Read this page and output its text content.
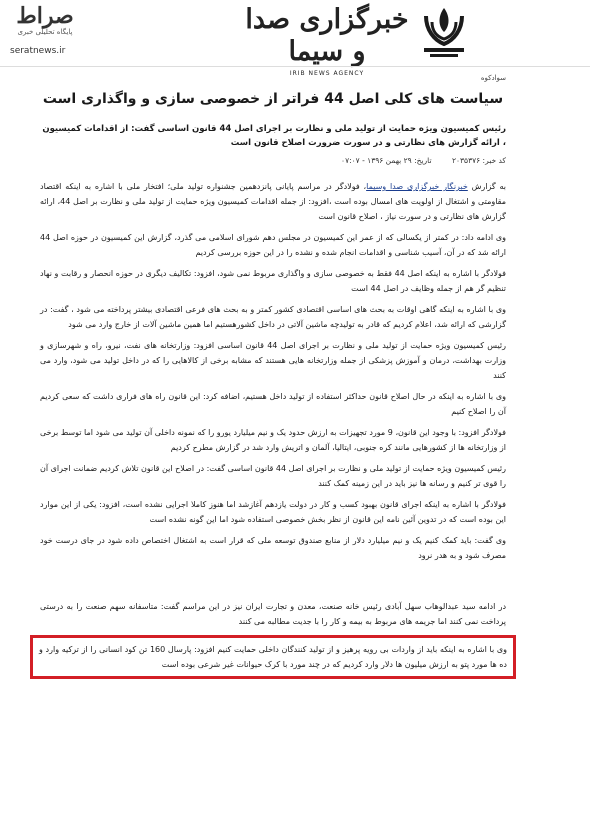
صراط
پایگاه تحلیلی خبری
seratnews.ir
خبرگزاری صدا و سیما
IRIB NEWS AGENCY
سوادکوه
سیاست های کلی اصل 44 فراتر از خصوصی سازی و واگذاری است

رئیس کمیسیون ویژه حمایت از تولید ملی و نظارت بر اجرای اصل 44 قانون اساسی گفت: از اقدامات کمیسیون ، ارائه گزارش های نظارتی و در سورت ضرورت اصلاح قانون است

کد خبر: ۲۰۳۵۳۷۶ تاریخ: ۲۹ بهمن ۱۳۹۶ - ۰۷:۰۷

به گزارش خبرنگار خبرگزاری صدا وسیما، فولادگر در مراسم پایانی پانزدهمین جشنواره تولید ملی؛ افتخار ملی با اشاره به اینکه اقتصاد مقاومتی و اشتغال از اولویت های امسال بوده است ،افزود: از جمله اقدامات کمیسیون ویژه حمایت از تولید ملی و نظارت بر اصل 44، ارائه گزارش های نظارتی و در سورت نیاز ، اصلاح قانون است

وی ادامه داد: در کمتر از یکسالی که از عمر این کمیسیون در مجلس دهم شورای اسلامی می گذرد، گزارش این کمیسیون در حوزه اصل 44 ارائه شد که در آن، آسیب شناسی و اقدامات انجام شده و نشده را در این حوزه بررسی کردیم

فولادگر با اشاره به اینکه اصل 44 فقط به خصوصی سازی و واگذاری مربوط نمی شود، افزود: تکالیف دیگری در حوزه انحصار و رقابت و نهاد تنظیم گر هم از جمله وظایف در اصل 44 است

وی با اشاره به اینکه گاهی اوقات به بحث های اساسی اقتصادی کشور کمتر و به بحث های فرعی اقتصادی بیشتر پرداخته می شود ، گفت: در گزارشی که ارائه شد، اعلام کردیم که قادر به تولیدچه ماشین آلاتی در داخل کشورهستیم اما همین ماشین آلات از خارج وارد می شود

رئیس کمیسیون ویژه حمایت از تولید ملی و نظارت بر اجرای اصل 44 قانون اساسی افزود: وزارتخانه های نفت، نیرو، راه و شهرسازی و وزارت بهداشت، درمان و آموزش پزشکی از جمله وزارتخانه هایی هستند که مشابه برخی از کالاهایی را که در داخل تولید می شود، وارد می کنند

وی با اشاره به اینکه در حال اصلاح قانون حداکثر استفاده از تولید داخل هستیم، اضافه کرد: این قانون راه های فراری داشت که سعی کردیم آن را اصلاح کنیم

فولادگر افزود: با وجود این قانون، 9 مورد تجهیزات به ارزش حدود یک و نیم میلیارد یورو را که نمونه داخلی آن تولید می شود اما توسط برخی از وزارتخانه ها از کشورهایی مانند کره جنوبی، ایتالیا، آلمان و اتریش وارد شد در گزارش مطرح کردیم

رئیس کمیسیون ویژه حمایت از تولید ملی و نظارت بر اجرای اصل 44 قانون اساسی گفت: در اصلاح این قانون تلاش کردیم ضمانت اجرای آن را قوی تر کنیم و رسانه ها نیز باید در این زمینه کمک کنند

فولادگر با اشاره به اینکه اجرای قانون بهبود کسب و کار در دولت یازدهم آغازشد اما هنوز کاملا اجرایی نشده است، افزود: یکی از این موارد این بوده است که در تدوین آئین نامه این قانون از نظر بخش خصوصی استفاده شود اما این گونه نشده است

وی گفت: باید کمک کنیم یک و نیم میلیارد دلار از منابع صندوق توسعه ملی که قرار است به اشتغال اختصاص داده شود در جای درست خود مصرف شود و به هدر نرود

در ادامه سید عبدالوهاب سهل آبادی رئیس خانه صنعت، معدن و تجارت ایران نیز در این مراسم گفت: متاسفانه سهم صنعت را به درستی پرداخت نمی کنند اما جریمه های مربوط به بیمه و کار را با جدیت مطالبه می کنند

وی با اشاره به اینکه باید از واردات بی رویه پرهیز و از تولید کنندگان داخلی حمایت کنیم افزود: پارسال 160 تن کود انسانی را از ترکیه وارد و ده ها مورد پتو به ارزش میلیون ها دلار وارد کردیم که در چند مورد با کرک حیوانات غیر شرعی بوده است
